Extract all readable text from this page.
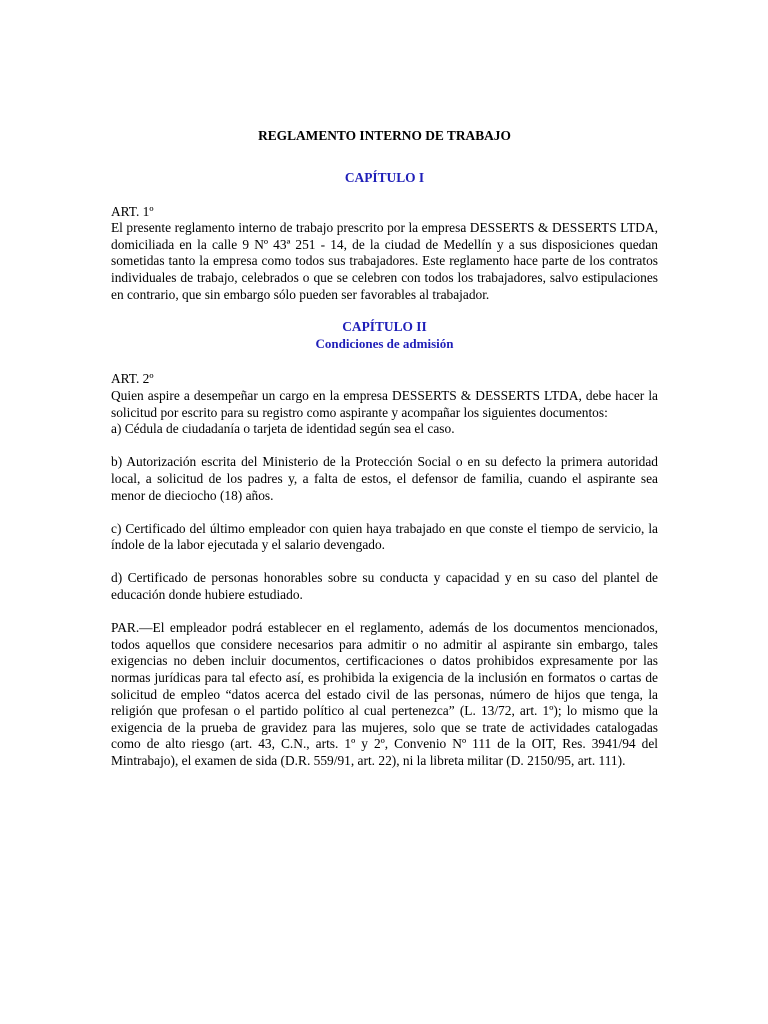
REGLAMENTO INTERNO DE TRABAJO
CAPÍTULO I
ART. 1º

El presente reglamento interno de trabajo prescrito por la empresa DESSERTS & DESSERTS LTDA, domiciliada en la calle 9 Nº 43ª 251 - 14, de la ciudad de Medellín y a sus disposiciones quedan sometidas tanto la empresa como todos sus trabajadores. Este reglamento hace parte de los contratos individuales de trabajo, celebrados o que se celebren con todos los trabajadores, salvo estipulaciones en contrario, que sin embargo sólo pueden ser favorables al trabajador.

CAPÍTULO II
Condiciones de admisión
ART. 2º

Quien aspire a desempeñar un cargo en la empresa DESSERTS & DESSERTS LTDA, debe hacer la solicitud por escrito para su registro como aspirante y acompañar los siguientes documentos:

a) Cédula de ciudadanía o tarjeta de identidad según sea el caso.

b) Autorización escrita del Ministerio de la Protección Social o en su defecto la primera autoridad local, a solicitud de los padres y, a falta de estos, el defensor de familia, cuando el aspirante sea menor de dieciocho (18) años.

c) Certificado del último empleador con quien haya trabajado en que conste el tiempo de servicio, la índole de la labor ejecutada y el salario devengado.

d) Certificado de personas honorables sobre su conducta y capacidad y en su caso del plantel de educación donde hubiere estudiado.

PAR.—El empleador podrá establecer en el reglamento, además de los documentos mencionados, todos aquellos que considere necesarios para admitir o no admitir al aspirante sin embargo, tales exigencias no deben incluir documentos, certificaciones o datos prohibidos expresamente por las normas jurídicas para tal efecto así, es prohibida la exigencia de la inclusión en formatos o cartas de solicitud de empleo “datos acerca del estado civil de las personas, número de hijos que tenga, la religión que profesan o el partido político al cual pertenezca” (L. 13/72, art. 1º); lo mismo que la exigencia de la prueba de gravidez para las mujeres, solo que se trate de actividades catalogadas como de alto riesgo (art. 43, C.N., arts. 1º y 2º, Convenio Nº 111 de la OIT, Res. 3941/94 del Mintrabajo), el examen de sida (D.R. 559/91, art. 22), ni la libreta militar (D. 2150/95, art. 111).
